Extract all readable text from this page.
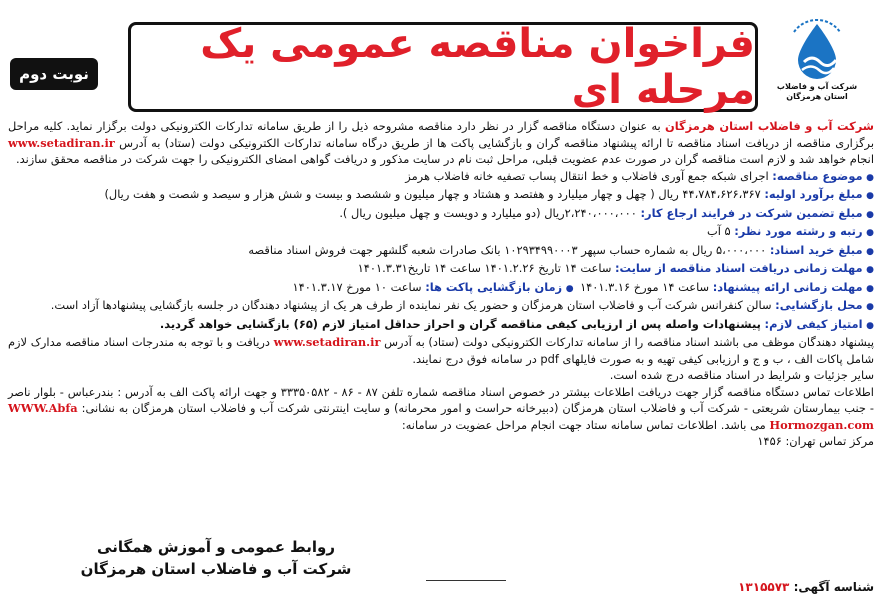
نوبت دوم
فراخوان مناقصه عمومی یک مرحله ای	شرکت آب و فاضلاب
استان هرمزگان

شرکت آب و فاضلاب استان هرمزگان به عنوان دستگاه مناقصه گزار در نظر دارد مناقصه مشروحه ذیل را از طریق سامانه تدارکات الکترونیکی دولت برگزار نماید. کلیه مراحل برگزاری مناقصه از دریافت اسناد مناقصه تا ارائه پیشنهاد مناقصه گران و بازگشایی پاکت ها از طریق درگاه سامانه تدارکات الکترونیکی دولت (ستاد) به آدرس www.setadiran.ir انجام خواهد شد و لازم است مناقصه گران در صورت عدم عضویت قبلی، مراحل ثبت نام در سایت مذکور و دریافت گواهی امضای الکترونیکی را جهت شرکت در مناقصه محقق سازند.

● موضوع مناقصه: اجرای شبکه جمع آوری فاضلاب و خط انتقال پساب تصفیه خانه فاضلاب هرمز

● مبلغ برآورد اولیه: ۴۴،۷۸۴،۶۲۶،۳۶۷ ریال ( چهل و چهار میلیارد و هفتصد و هشتاد و چهار میلیون و ششصد و بیست و شش هزار و سیصد و شصت و هفت ریال)

● مبلغ تضمین شرکت در فرایند ارجاع کار: ۲،۲۴۰،۰۰۰،۰۰۰ریال (دو میلیارد و دویست و چهل میلیون ریال ).

● رتبه و رشته مورد نظر: ۵ آب

● مبلغ خرید اسناد: ۵،۰۰۰،۰۰۰ ریال به شماره حساب سپهر ۱۰۲۹۳۴۹۹۰۰۰۳ بانک صادرات شعبه گلشهر جهت فروش اسناد مناقصه

● مهلت زمانی دریافت اسناد مناقصه از سایت: ساعت ۱۴ تاریخ ۱۴۰۱.۲.۲۶ ساعت ۱۴ تاریخ۱۴۰۱.۳.۳۱

● مهلت زمانی ارائه پیشنهاد: ساعت ۱۴ مورخ ۱۴۰۱.۳.۱۶  ● زمان بازگشایی پاکت ها: ساعت ۱۰ مورخ ۱۴۰۱.۳.۱۷

● محل بازگشایی: سالن کنفرانس شرکت آب و فاضلاب استان هرمزگان و حضور یک نفر نماینده از طرف هر یک از پیشنهاد دهندگان در جلسه بازگشایی پیشنهادها آزاد است.

● امتیاز کیفی لازم: پیشنهادات واصله پس از ارزیابی کیفی مناقصه گران و احراز حداقل امتیاز لازم (۶۵) بازگشایی خواهد گردید.

پیشنهاد دهندگان موظف می باشند اسناد مناقصه را از سامانه تدارکات الکترونیکی دولت (ستاد) به آدرس www.setadiran.ir دریافت و با توجه به مندرجات اسناد مناقصه مدارک لازم شامل پاکات الف ، ب و ج و ارزیابی کیفی تهیه و به صورت فایلهای pdf در سامانه فوق درج نمایند.

سایر جزئیات و شرایط در اسناد مناقصه درج شده است.

اطلاعات تماس دستگاه مناقصه گزار جهت دریافت اطلاعات بیشتر در خصوص اسناد مناقصه شماره تلفن ۸۷ - ۸۶ - ۳۳۳۵۰۵۸۲ و جهت ارائه پاکت الف به آدرس : بندرعباس - بلوار ناصر - جنب بیمارستان شریعتی - شرکت آب و فاضلاب استان هرمزگان (دبیرخانه حراست و امور محرمانه) و سایت اینترنتی شرکت آب و فاضلاب استان هرمزگان به نشانی: WWW.Abfa Hormozgan.com می باشد. اطلاعات تماس سامانه ستاد جهت انجام مراحل عضویت در سامانه:

مرکز تماس تهران: ۱۴۵۶

روابط عمومی و آموزش همگانی
شرکت آب و فاضلاب استان هرمزگان
شناسه آگهی: ۱۳۱۵۵۷۳
